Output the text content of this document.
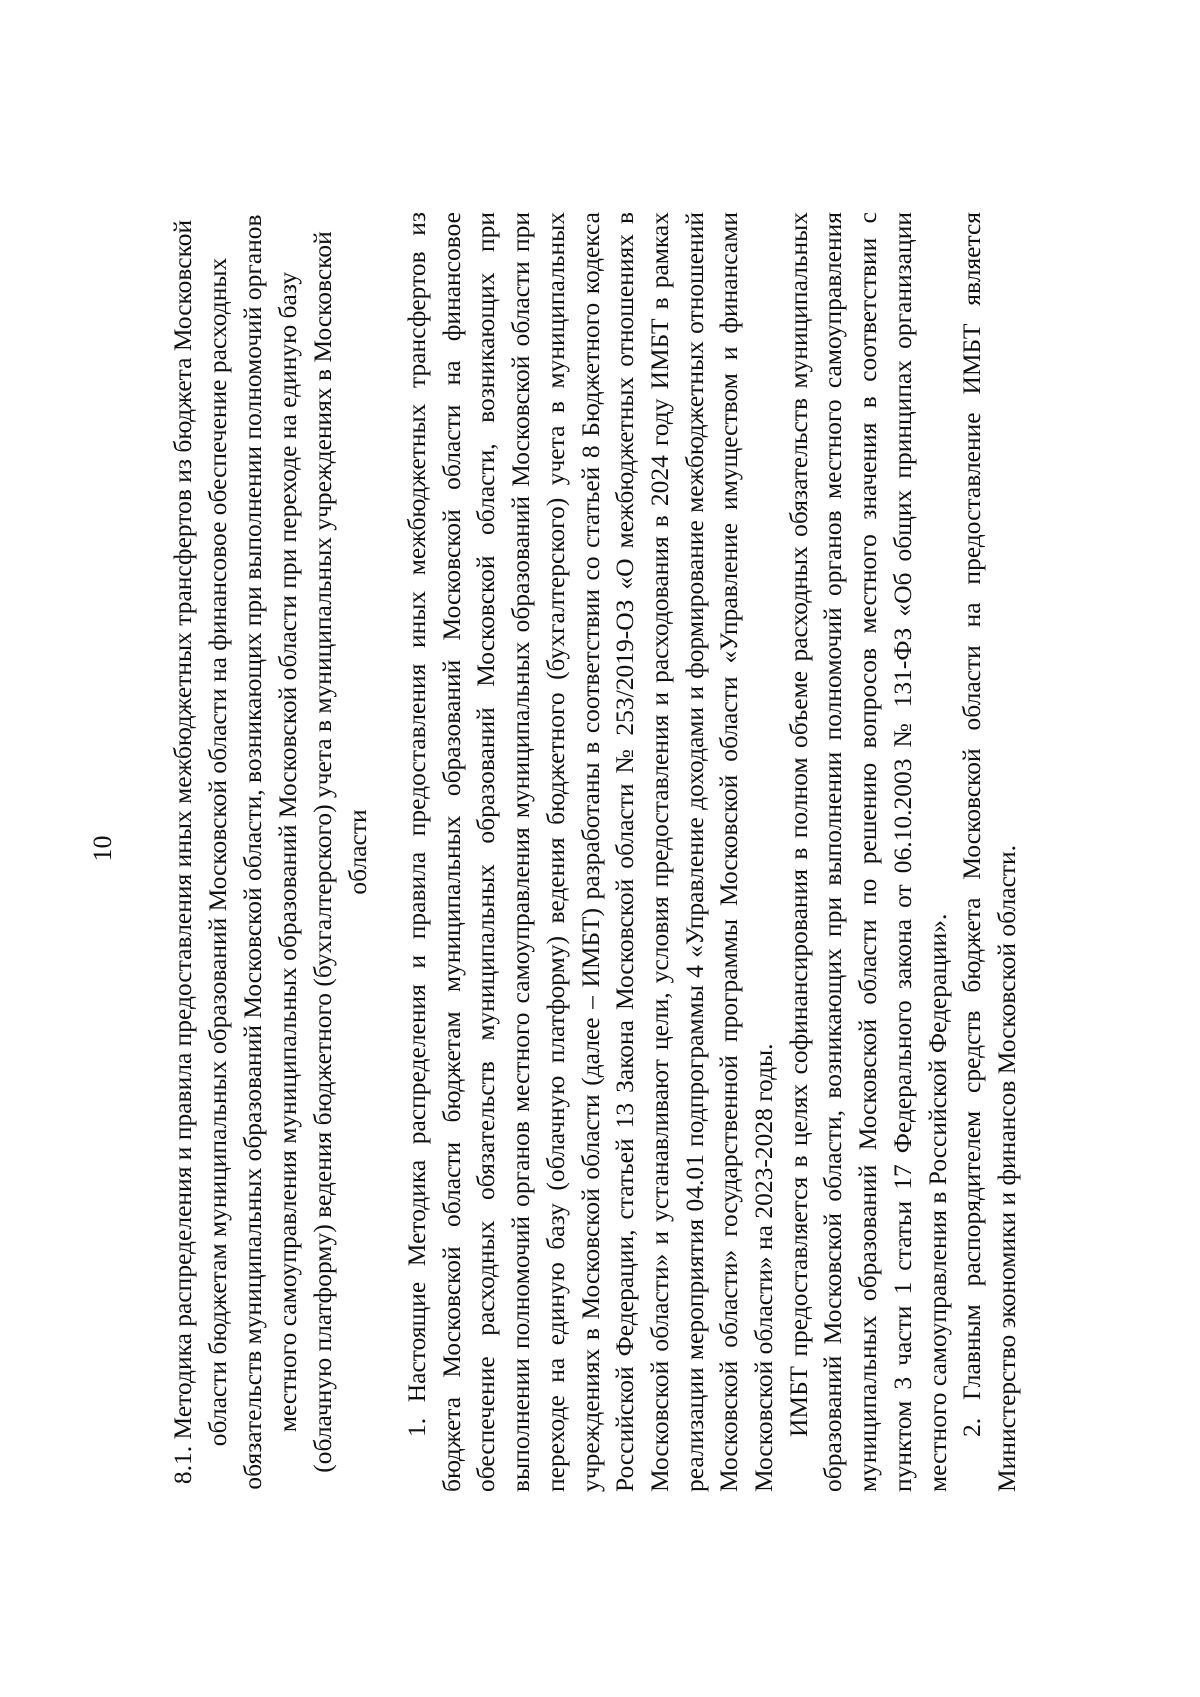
10 8.1. Методика распределения и правила предоставления иных межбюджетных трансфертов из бюджета Московской области бюджетам муниципальных образований Московской области на финансовое обеспечение расходных обязательств муниципальных образований Московской области, возникающих при выполнении полномочий органов местного самоуправления муниципальных образований Московской области при переходе на единую базу (облачную платформу) ведения бюджетного (бухгалтерского) учета в муниципальных учреждениях в Московской области 1. Настоящие Методика распределения и правила предоставления иных межбюджетных трансфертов из бюджета Московской области бюджетам муниципальных образований Московской области на финансовое обеспечение расходных обязательств муниципальных образований Московской области, возникающих при выполнении полномочий органов местного самоуправления муниципальных образований Московской области при переходе на единую базу (облачную платформу) ведения бюджетного (бухгалтерского) учета в муниципальных учреждениях в Московской области (далее – ИМБТ) разработаны в соответствии со статьей 8 Бюджетного кодекса Российской Федерации, статьей 13 Закона Московской области № 253/2019-ОЗ «О межбюджетных отношениях в Московской области» и устанавливают цели, условия предоставления и расходования в 2024 году ИМБТ в рамках реализации мероприятия 04.01 подпрограммы 4 «Управление доходами и формирование межбюджетных отношений Московской области» государственной программы Московской области «Управление имуществом и финансами Московской области» на 2023-2028 годы. ИМБТ предоставляется в целях софинансирования в полном объеме расходных обязательств муниципальных образований Московской области, возникающих при выполнении полномочий органов местного самоуправления муниципальных образований Московской области по решению вопросов местного значения в соответствии с пунктом 3 части 1 статьи 17 Федерального закона от 06.10.2003 № 131-ФЗ «Об общих принципах организации местного самоуправления в Российской Федерации». 2. Главным распорядителем средств бюджета Московской области на предоставление ИМБТ является Министерство экономики и финансов Московской области.
